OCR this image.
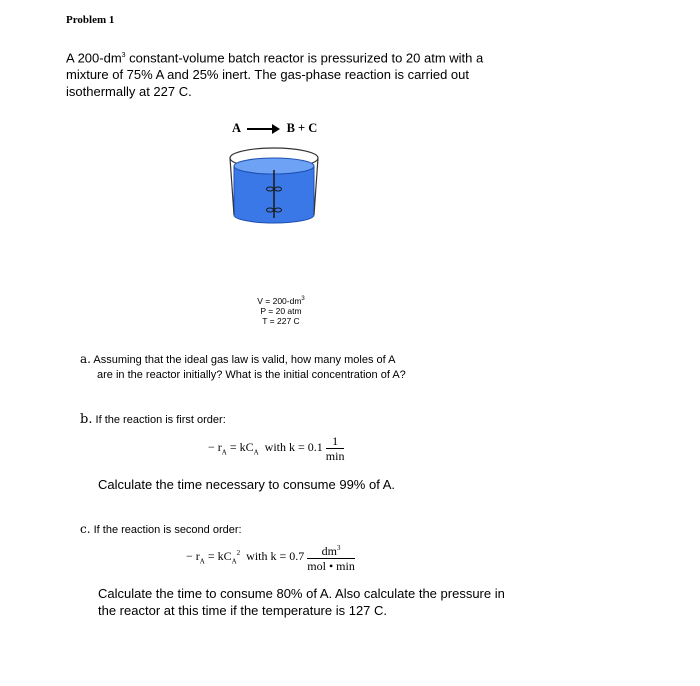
Problem 1
A $200-dm^3$ constant-volume batch reactor is pressurized to 20 atm with a mixture of 75% A and 25% inert. The gas-phase reaction is carried out isothermally at 227 C.
A	B + C
$V = 200-dm^3$
P = 20 atm
T = 227 C
a. Assuming that the ideal gas law is valid, how many moles of A
are in the reactor initially? What is the initial concentration of A?
b. If the reaction is first order:
− $r_A = kC_A$  with $k = 0.1 \frac{1}{\min}$
Calculate the time necessary to consume 99% of A.
c. If the reaction is second order:
− $r_A = kC_A^2$  with $k = 0.7 \frac{dm^3}{\text{mol • min}}$
Calculate the time to consume 80% of A. Also calculate the pressure in the reactor at this time if the temperature is 127 C.
